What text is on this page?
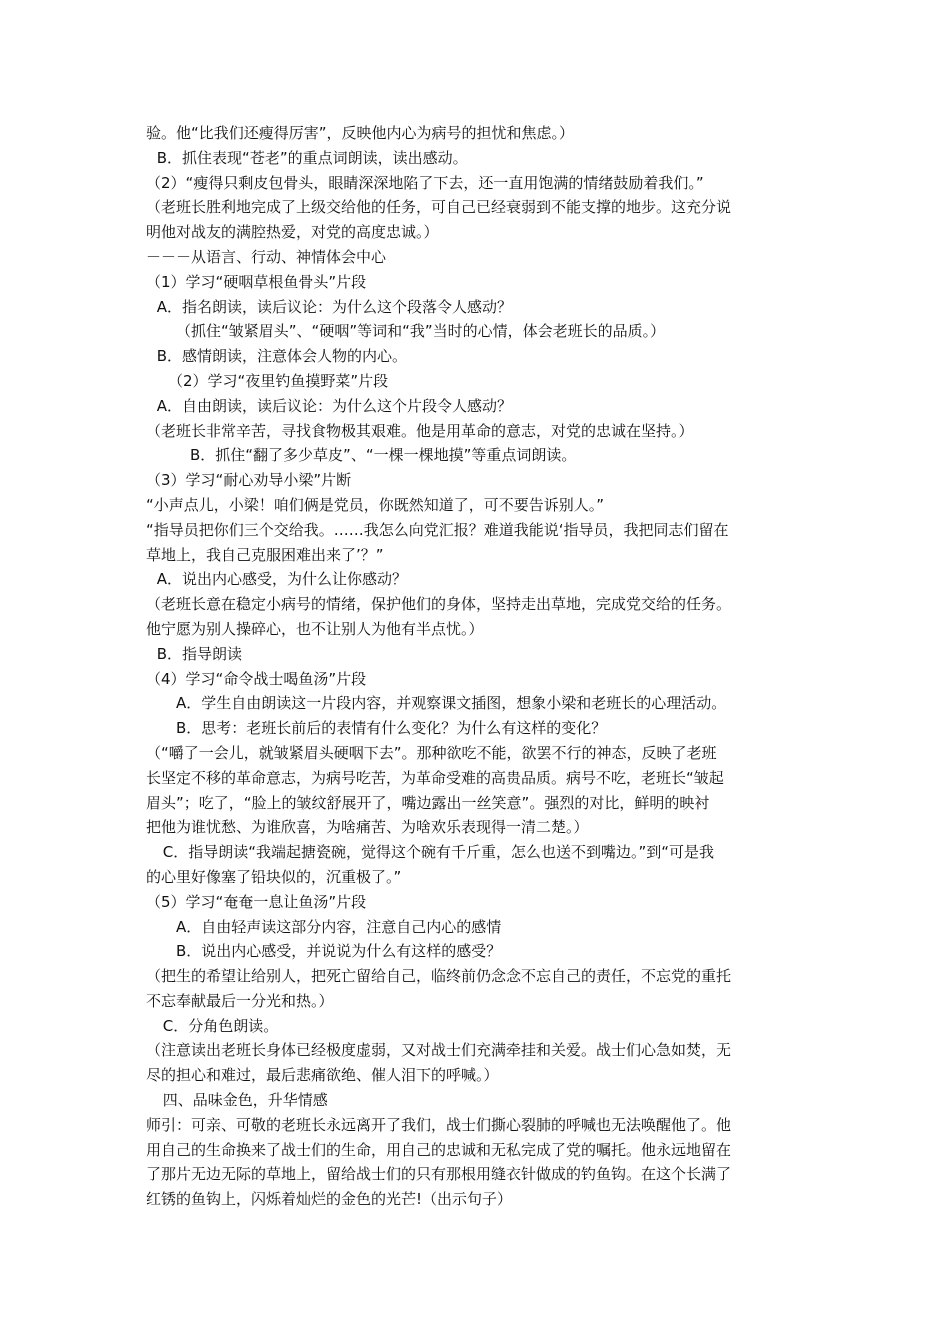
验。他“比我们还瘦得厉害”，反映他内心为病号的担忧和焦虑。）
B．抓住表现“苍老”的重点词朗读，读出感动。
（2）“瘦得只剩皮包骨头，眼睛深深地陷了下去，还一直用饱满的情绪鼓励着我们。”
（老班长胜利地完成了上级交给他的任务，可自己已经衰弱到不能支撑的地步。这充分说
明他对战友的满腔热爱，对党的高度忠诚。）
－－－从语言、行动、神情体会中心
（1）学习“硬咽草根鱼骨头”片段
A．指名朗读，读后议论：为什么这个段落令人感动？
（抓住“皱紧眉头”、“硬咽”等词和“我”当时的心情，体会老班长的品质。）
B．感情朗读，注意体会人物的内心。
（2）学习“夜里钓鱼摸野菜”片段
A．自由朗读，读后议论：为什么这个片段令人感动？
（老班长非常辛苦，寻找食物极其艰难。他是用革命的意志，对党的忠诚在坚持。）
B．抓住“翻了多少草皮”、“一棵一棵地摸”等重点词朗读。
（3）学习“耐心劝导小梁”片断
“小声点儿，小梁！咱们俩是党员，你既然知道了，可不要告诉别人。”
“指导员把你们三个交给我。……我怎么向党汇报？难道我能说‘指导员，我把同志们留在
草地上，我自己克服困难出来了’？”
A．说出内心感受，为什么让你感动？
（老班长意在稳定小病号的情绪，保护他们的身体，坚持走出草地，完成党交给的任务。
他宁愿为别人操碎心，也不让别人为他有半点忧。）
B．指导朗读
（4）学习“命令战士喝鱼汤”片段
A．学生自由朗读这一片段内容，并观察课文插图，想象小梁和老班长的心理活动。
B．思考：老班长前后的表情有什么变化？为什么有这样的变化？
（“嚼了一会儿，就皱紧眉头硬咽下去”。那种欲吃不能，欲罢不行的神态，反映了老班
长坚定不移的革命意志，为病号吃苦，为革命受难的高贵品质。病号不吃，老班长“皱起
眉头”；吃了，“脸上的皱纹舒展开了，嘴边露出一丝笑意”。强烈的对比，鲜明的映衬
把他为谁忧愁、为谁欣喜，为啥痛苦、为啥欢乐表现得一清二楚。）
C．指导朗读“我端起搪瓷碗，觉得这个碗有千斤重，怎么也送不到嘴边。”到“可是我
的心里好像塞了铅块似的，沉重极了。”
（5）学习“奄奄一息让鱼汤”片段
A．自由轻声读这部分内容，注意自己内心的感情
B．说出内心感受，并说说为什么有这样的感受？
（把生的希望让给别人，把死亡留给自己，临终前仍念念不忘自己的责任，不忘党的重托
不忘奉献最后一分光和热。）
C．分角色朗读。
（注意读出老班长身体已经极度虚弱，又对战士们充满牵挂和关爱。战士们心急如焚，无
尽的担心和难过，最后悲痛欲绝、催人泪下的呼喊。）
四、品味金色，升华情感
师引：可亲、可敬的老班长永远离开了我们，战士们撕心裂肺的呼喊也无法唤醒他了。他
用自己的生命换来了战士们的生命，用自己的忠诚和无私完成了党的嘱托。他永远地留在
了那片无边无际的草地上，留给战士们的只有那根用缝衣针做成的钓鱼钩。在这个长满了
红锈的鱼钩上，闪烁着灿烂的金色的光芒!（出示句子）
